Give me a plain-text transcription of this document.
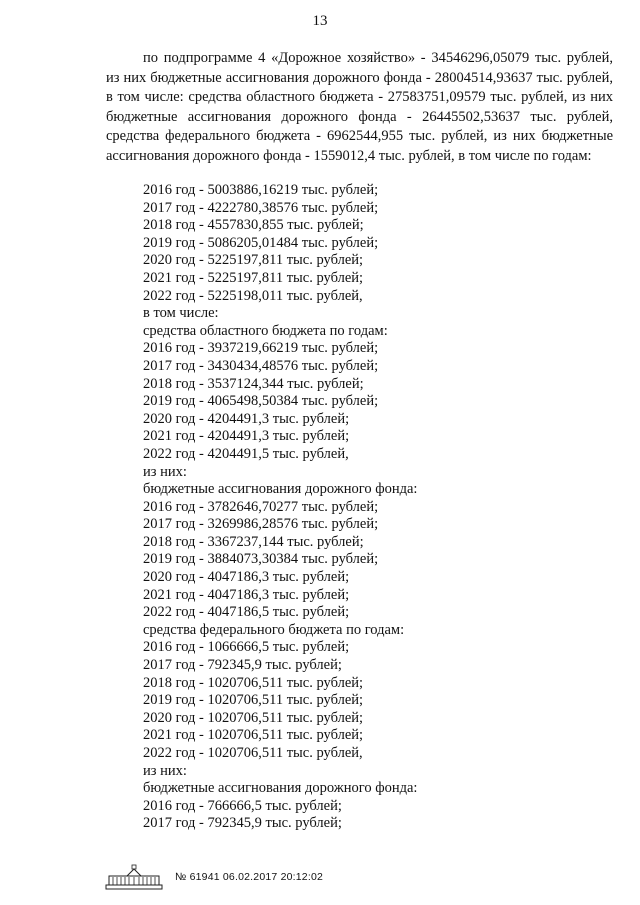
13
по подпрограмме 4 «Дорожное хозяйство» - 34546296,05079 тыс. рублей, из них бюджетные ассигнования дорожного фонда - 28004514,93637 тыс. рублей, в том числе: средства областного бюджета - 27583751,09579 тыс. рублей, из них бюджетные ассигнования дорожного фонда - 26445502,53637 тыс. рублей, средства федерального бюджета - 6962544,955 тыс. рублей, из них бюджетные ассигнования дорожного фонда - 1559012,4 тыс. рублей, в том числе по годам:
2016 год - 5003886,16219 тыс. рублей;
2017 год - 4222780,38576 тыс. рублей;
2018 год - 4557830,855 тыс. рублей;
2019 год - 5086205,01484 тыс. рублей;
2020 год - 5225197,811 тыс. рублей;
2021 год - 5225197,811 тыс. рублей;
2022 год - 5225198,011 тыс. рублей,
в том числе:
средства областного бюджета по годам:
2016 год - 3937219,66219 тыс. рублей;
2017 год - 3430434,48576 тыс. рублей;
2018 год - 3537124,344 тыс. рублей;
2019 год - 4065498,50384 тыс. рублей;
2020 год - 4204491,3 тыс. рублей;
2021 год - 4204491,3 тыс. рублей;
2022 год - 4204491,5 тыс. рублей,
из них:
бюджетные ассигнования дорожного фонда:
2016 год - 3782646,70277 тыс. рублей;
2017 год - 3269986,28576 тыс. рублей;
2018 год - 3367237,144 тыс. рублей;
2019 год - 3884073,30384 тыс. рублей;
2020 год - 4047186,3 тыс. рублей;
2021 год - 4047186,3 тыс. рублей;
2022 год - 4047186,5 тыс. рублей;
средства федерального бюджета по годам:
2016 год - 1066666,5 тыс. рублей;
2017 год - 792345,9 тыс. рублей;
2018 год - 1020706,511 тыс. рублей;
2019 год - 1020706,511 тыс. рублей;
2020 год - 1020706,511 тыс. рублей;
2021 год - 1020706,511 тыс. рублей;
2022 год - 1020706,511 тыс. рублей,
из них:
бюджетные ассигнования дорожного фонда:
2016 год - 766666,5 тыс. рублей;
2017 год - 792345,9 тыс. рублей;
№ 61941 06.02.2017 20:12:02
